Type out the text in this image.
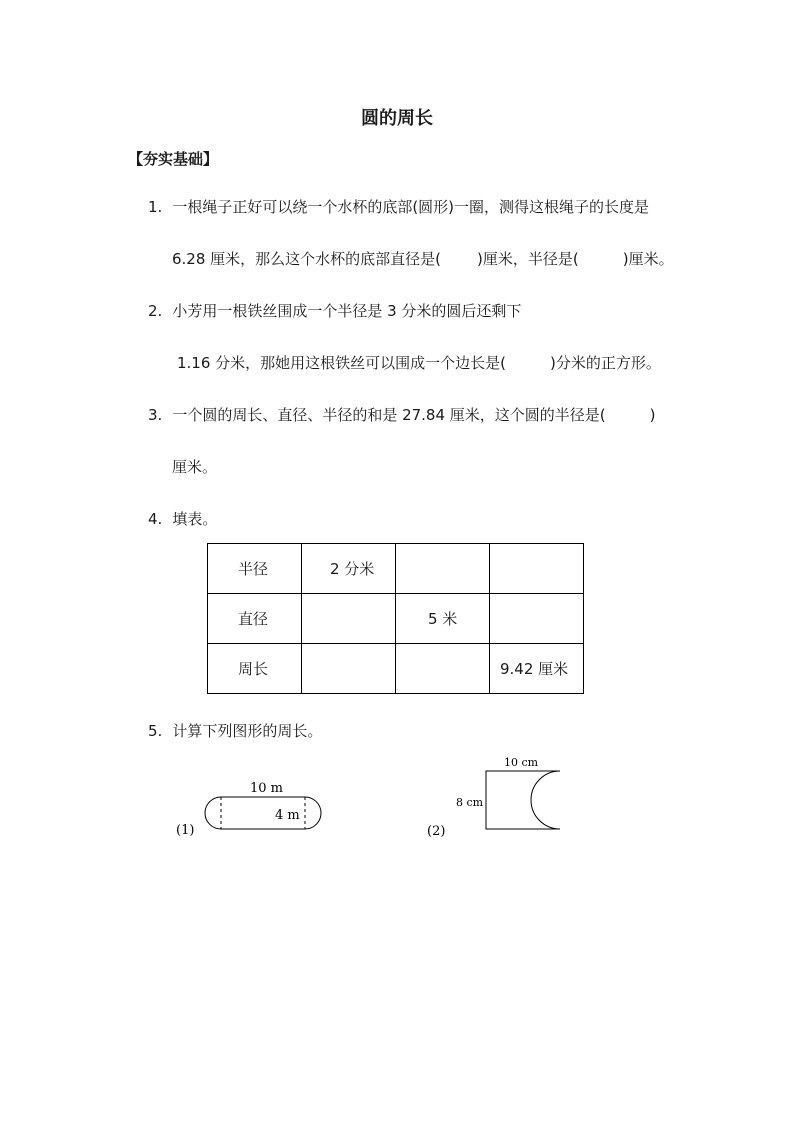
圆的周长
【夯实基础】
1. 一根绳子正好可以绕一个水杯的底部(圆形)一圈，测得这根绳子的长度是
6.28 厘米，那么这个水杯的底部直径是( )厘米，半径是(	)厘米。
2. 小芳用一根铁丝围成一个半径是 3 分米的圆后还剩下
1.16 分米，那她用这根铁丝可以围成一个边长是(	)分米的正方形。
3. 一个圆的周长、直径、半径的和是 27.84 厘米，这个圆的半径是(	)
厘米。
4. 填表。
半径	2 分米		
直径		5 米	
周长			9.42 厘米
5. 计算下列图形的周长。
(1)
10 m
4 m
(2)
10 cm
8 cm
